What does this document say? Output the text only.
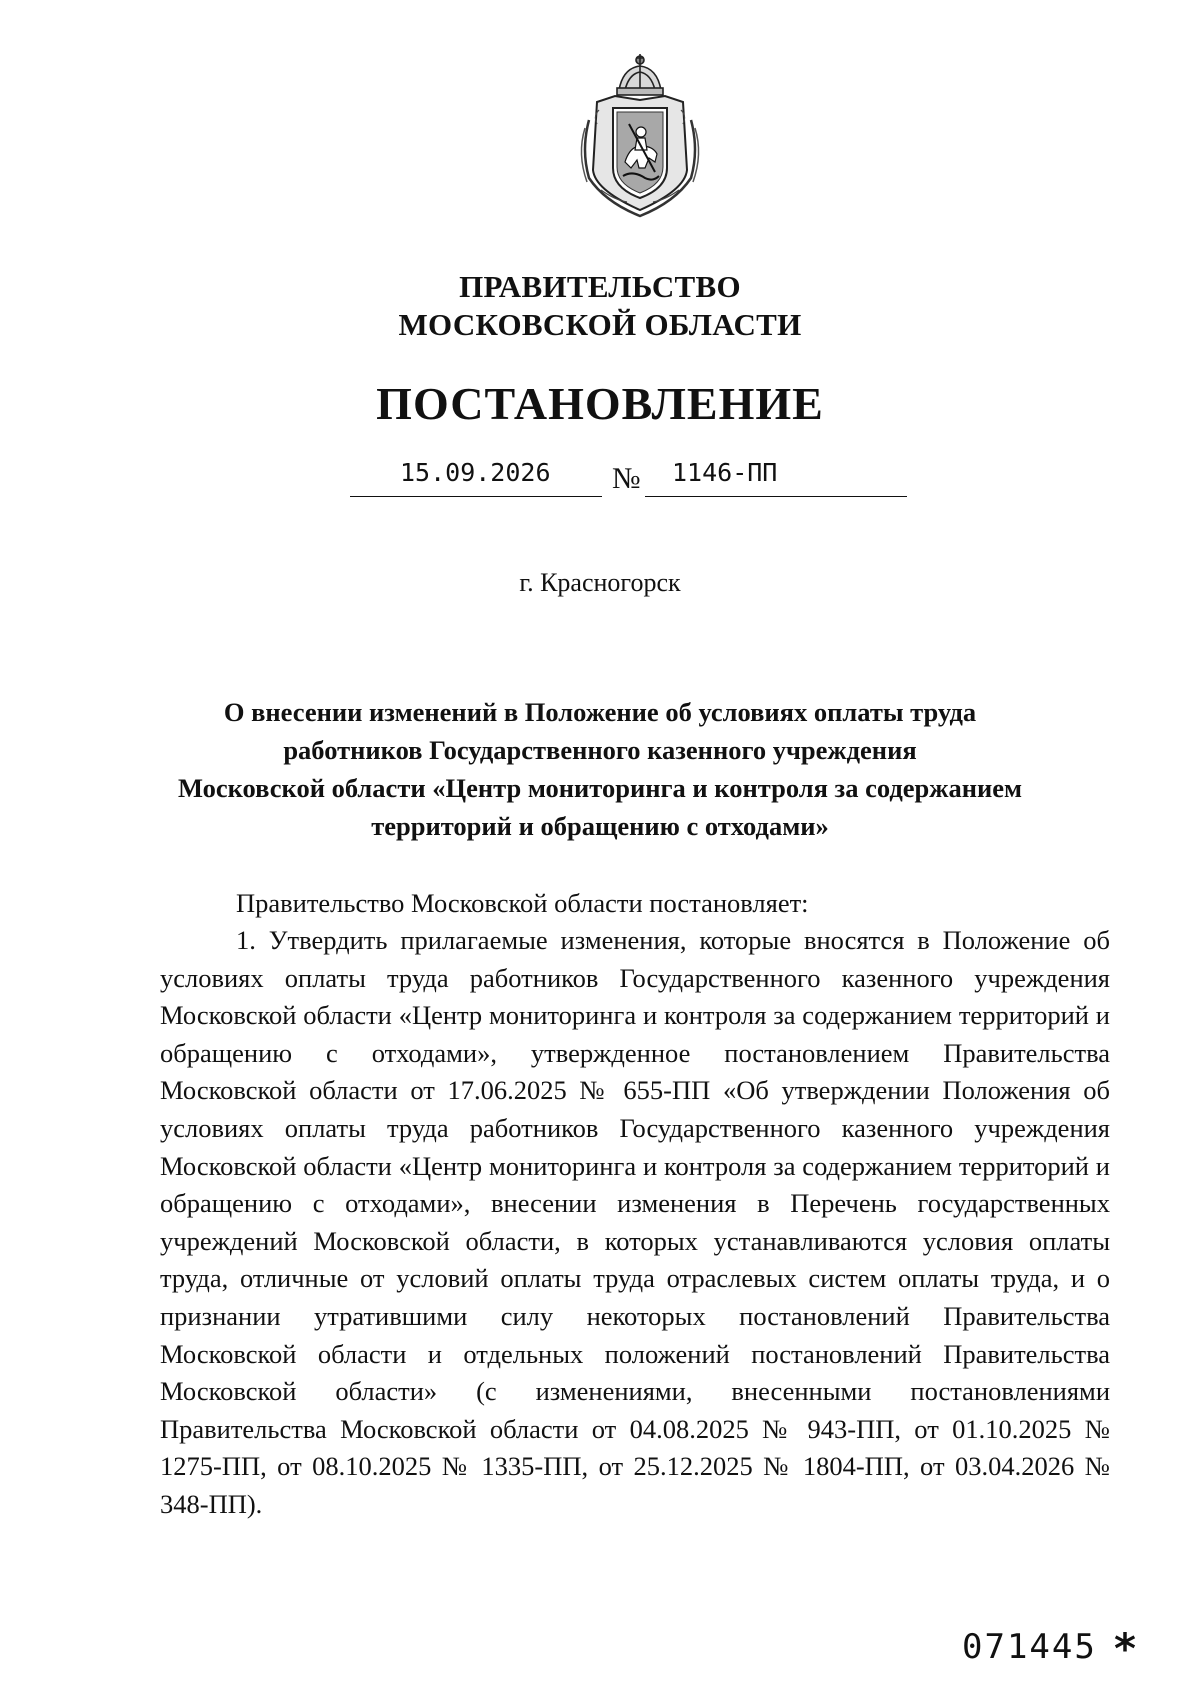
ПРАВИТЕЛЬСТВО
МОСКОВСКОЙ ОБЛАСТИ
ПОСТАНОВЛЕНИЕ
15.09.2026 № 1146-ПП
г. Красногорск
О внесении изменений в Положение об условиях оплаты труда
работников Государственного казенного учреждения
Московской области «Центр мониторинга и контроля за содержанием
территорий и обращению с отходами»
Правительство Московской области постановляет:
1. Утвердить прилагаемые изменения, которые вносятся в Положение об условиях оплаты труда работников Государственного казенного учреждения Московской области «Центр мониторинга и контроля за содержанием территорий и обращению с отходами», утвержденное постановлением Правительства Московской области от 17.06.2025 № 655-ПП «Об утверждении Положения об условиях оплаты труда работников Государственного казенного учреждения Московской области «Центр мониторинга и контроля за содержанием территорий и обращению с отходами», внесении изменения в Перечень государственных учреждений Московской области, в которых устанавливаются условия оплаты труда, отличные от условий оплаты труда отраслевых систем оплаты труда, и о признании утратившими силу некоторых постановлений Правительства Московской области и отдельных положений постановлений Правительства Московской области» (с изменениями, внесенными постановлениями Правительства Московской области от 04.08.2025 № 943-ПП, от 01.10.2025 № 1275-ПП, от 08.10.2025 № 1335-ПП, от 25.12.2025 № 1804-ПП, от 03.04.2026 № 348-ПП).
071445 *
